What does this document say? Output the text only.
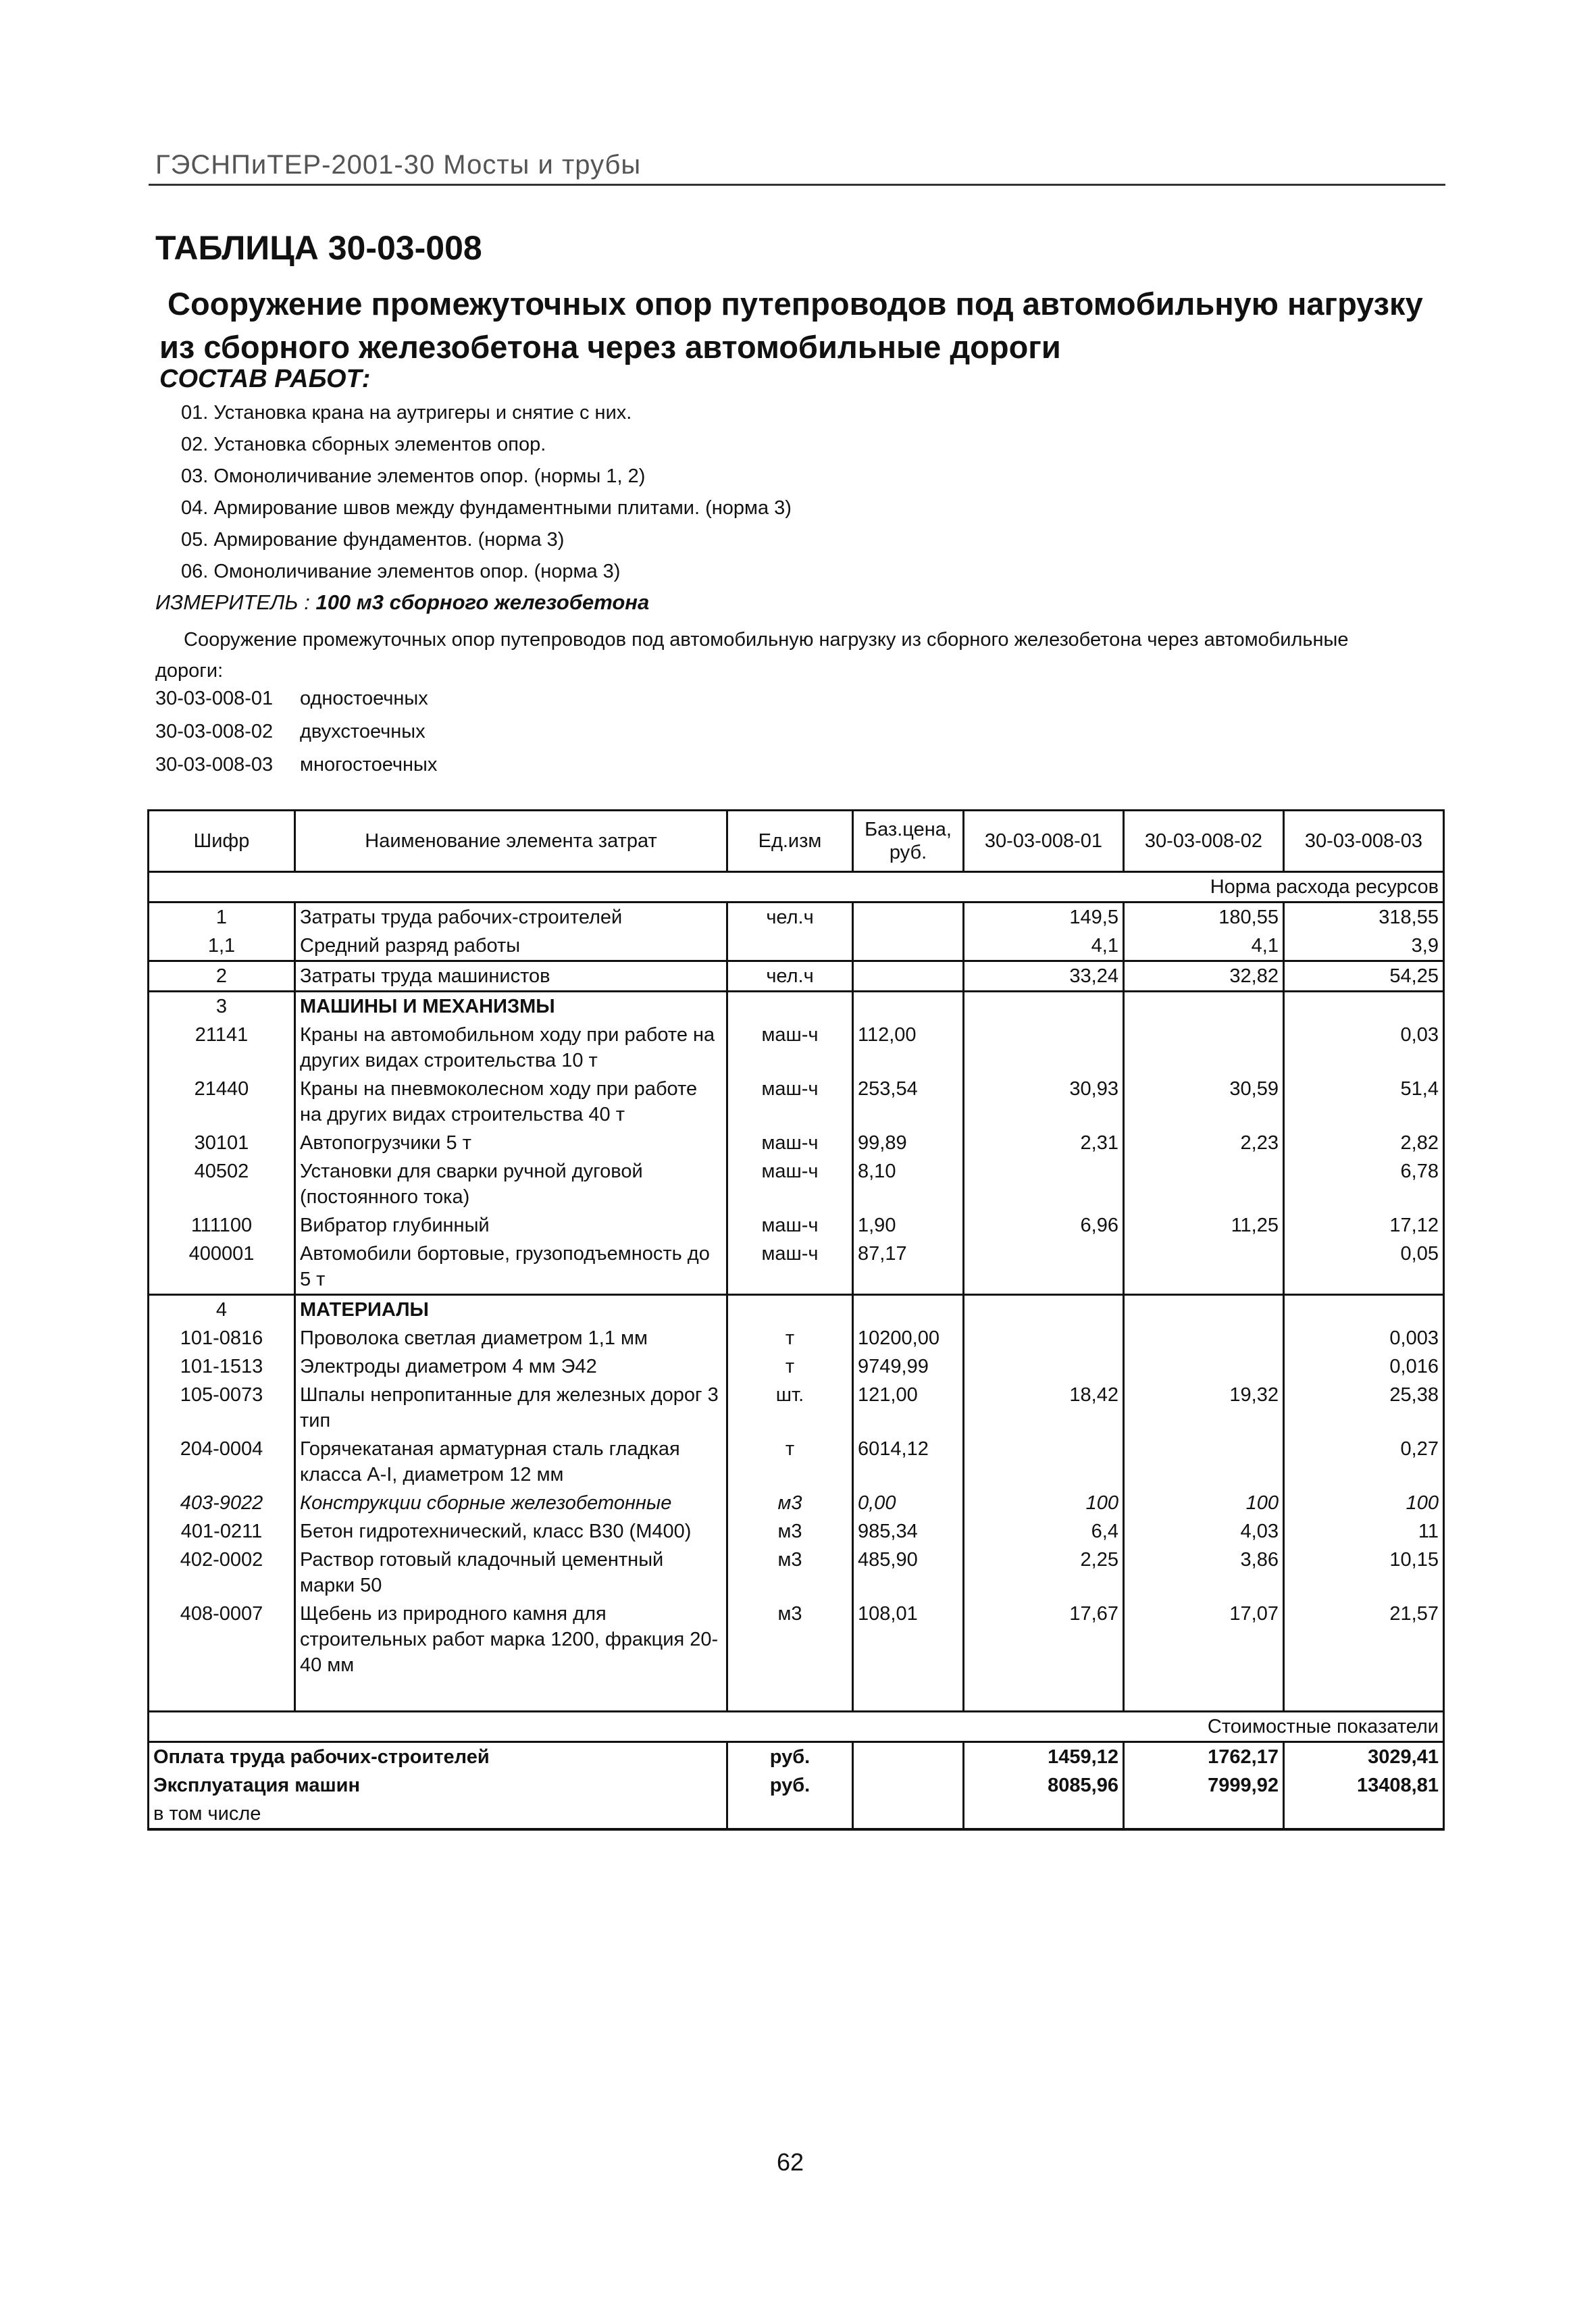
ГЭСНПиТЕР-2001-30 Мосты и трубы
ТАБЛИЦА 30-03-008
Сооружение промежуточных опор путепроводов под автомобильную нагрузку
из сборного железобетона через автомобильные дороги
СОСТАВ РАБОТ:
01. Установка крана на аутригеры и снятие с них.
02. Установка сборных элементов опор.
03. Омоноличивание элементов опор. (нормы 1, 2)
04. Армирование швов между фундаментными плитами. (норма 3)
05. Армирование фундаментов. (норма 3)
06. Омоноличивание элементов опор. (норма 3)
ИЗМЕРИТЕЛЬ : 100 м3 сборного железобетона
Сооружение промежуточных опор путепроводов под автомобильную нагрузку из сборного железобетона через автомобильные
дороги:
30-03-008-01 одностоечных
30-03-008-02 двухстоечных
30-03-008-03 многостоечных
Шифр	Наименование элемента затрат	Ед.изм	Баз.цена, руб.	30-03-008-01	30-03-008-02	30-03-008-03
Норма расхода ресурсов						
1	Затраты труда рабочих-строителей	чел.ч		149,5	180,55	318,55
1,1	Средний разряд работы			4,1	4,1	3,9
2	Затраты труда машинистов	чел.ч		33,24	32,82	54,25
3	МАШИНЫ И МЕХАНИЗМЫ					
21141	Краны на автомобильном ходу при работе на других видах строительства 10 т	маш-ч	112,00			0,03
21440	Краны на пневмоколесном ходу при работе на других видах строительства 40 т	маш-ч	253,54	30,93	30,59	51,4
30101	Автопогрузчики 5 т	маш-ч	99,89	2,31	2,23	2,82
40502	Установки для сварки ручной дуговой (постоянного тока)	маш-ч	8,10			6,78
111100	Вибратор глубинный	маш-ч	1,90	6,96	11,25	17,12
400001	Автомобили бортовые, грузоподъемность до 5 т	маш-ч	87,17			0,05
4	МАТЕРИАЛЫ					
101-0816	Проволока светлая диаметром 1,1 мм	т	10200,00			0,003
101-1513	Электроды диаметром 4 мм Э42	т	9749,99			0,016
105-0073	Шпалы непропитанные для железных дорог 3 тип	шт.	121,00	18,42	19,32	25,38
204-0004	Горячекатаная арматурная сталь гладкая класса А-I, диаметром 12 мм	т	6014,12			0,27
403-9022	Конструкции сборные железобетонные	м3	0,00	100	100	100
401-0211	Бетон гидротехнический, класс В30 (М400)	м3	985,34	6,4	4,03	11
402-0002	Раствор готовый кладочный цементный марки 50	м3	485,90	2,25	3,86	10,15
408-0007	Щебень из природного камня для строительных работ марка 1200, фракция 20-40 мм	м3	108,01	17,67	17,07	21,57

Стоимостные показатели						
Оплата труда рабочих-строителей		руб.		1459,12	1762,17	3029,41
Эксплуатация машин		руб.		8085,96	7999,92	13408,81
в том числе						
62
